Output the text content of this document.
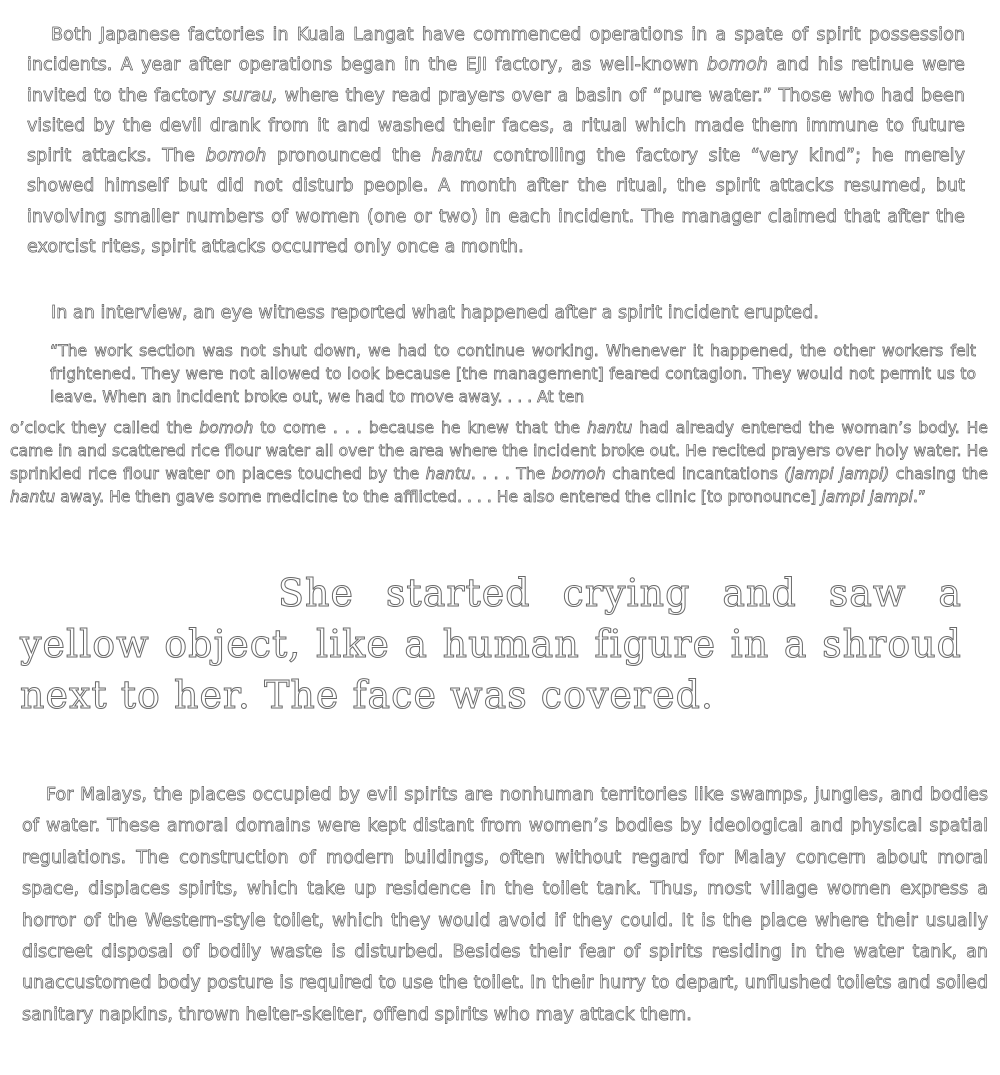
Both Japanese factories in Kuala Langat have commenced operations in a spate of spirit possession incidents. A year after operations began in the EJI factory, as well-known bomoh and his retinue were invited to the factory surau, where they read prayers over a basin of “pure water.” Those who had been visited by the devil drank from it and washed their faces, a ritual which made them immune to future spirit attacks. The bomoh pronounced the hantu controlling the factory site “very kind”; he merely showed himself but did not disturb people. A month after the ritual, the spirit attacks resumed, but involving smaller numbers of women (one or two) in each incident. The manager claimed that after the exorcist rites, spirit attacks occurred only once a month.

In an interview, an eye witness reported what happened after a spirit incident erupted.

“The work section was not shut down, we had to continue working. Whenever it happened, the other workers felt frightened. They were not allowed to look because [the management] feared contagion. They would not permit us to leave. When an incident broke out, we had to move away. . . . At ten

o’clock they called the bomoh to come . . . because he knew that the hantu had already entered the woman’s body. He came in and scattered rice flour water all over the area where the incident broke out. He recited prayers over holy water. He sprinkled rice flour water on places touched by the hantu. . . . The bomoh chanted incantations (jampi jampi) chasing the hantu away. He then gave some medicine to the afflicted. . . . He also entered the clinic [to pronounce] jampi jampi.”

She started crying and saw a yellow object, like a human figure in a shroud next to her. The face was covered.

For Malays, the places occupied by evil spirits are nonhuman territories like swamps, jungles, and bodies of water. These amoral domains were kept distant from women’s bodies by ideological and physical spatial regulations. The construction of modern buildings, often without regard for Malay concern about moral space, displaces spirits, which take up residence in the toilet tank. Thus, most village women express a horror of the Western-style toilet, which they would avoid if they could. It is the place where their usually discreet disposal of bodily waste is disturbed. Besides their fear of spirits residing in the water tank, an unaccustomed body posture is required to use the toilet. In their hurry to depart, unflushed toilets and soiled sanitary napkins, thrown helter-skelter, offend spirits who may attack them.
